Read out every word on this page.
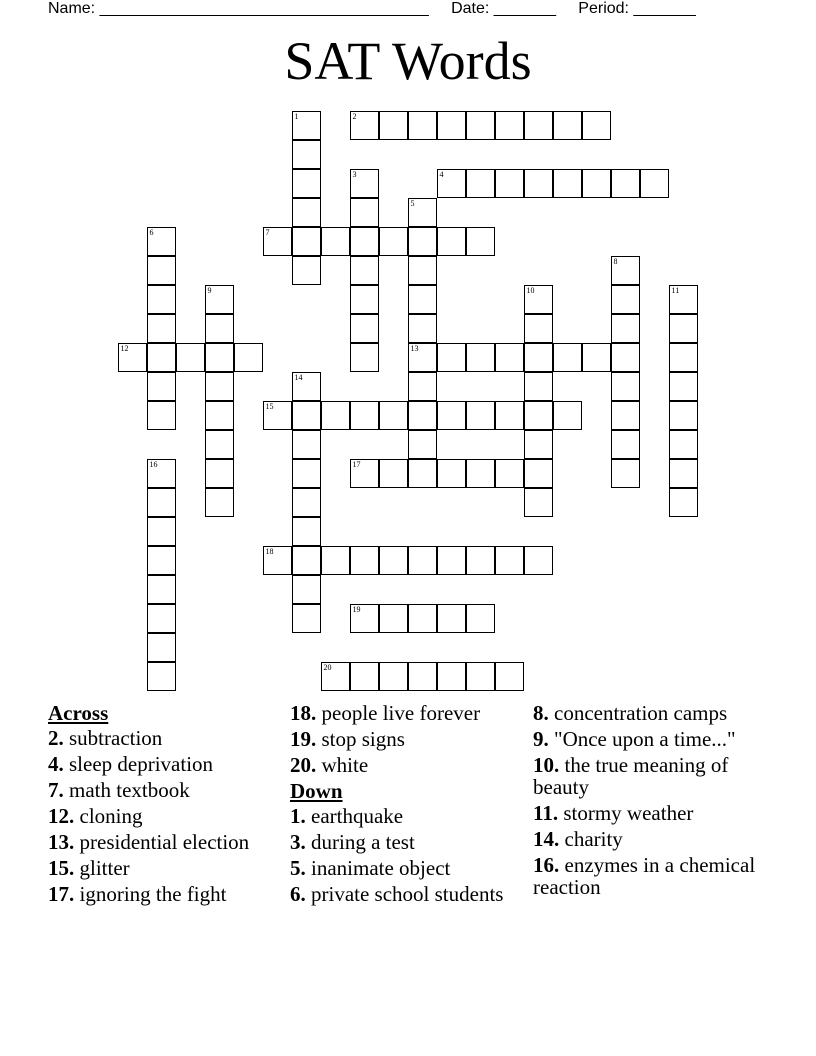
Name: _____________________________________ Date: _______ Period: _______
SAT Words
1	2
3	4
5
13
6	7
8
9	10	11
12
14
15
16	17
18
19
20
Across
2. subtraction
4. sleep deprivation
7. math textbook
12. cloning
13. presidential election
15. glitter
17. ignoring the fight
18. people live forever
19. stop signs
20. white
Down
1. earthquake
3. during a test
5. inanimate object
6. private school students
8. concentration camps
9. "Once upon a time..."
10. the true meaning of beauty
11. stormy weather
14. charity
16. enzymes in a chemical reaction
